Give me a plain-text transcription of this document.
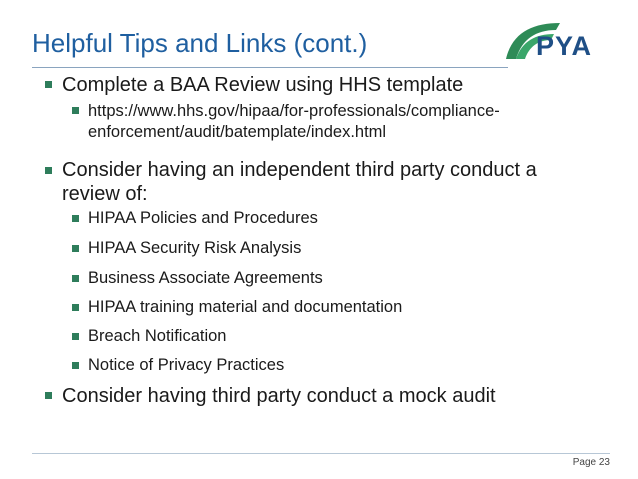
Helpful Tips and Links (cont.)	PYA

Complete a BAA Review using HHS template

https://www.hhs.gov/hipaa/for-professionals/compliance-enforcement/audit/batemplate/index.html

Consider having an independent third party conduct a review of:

HIPAA Policies and Procedures

HIPAA Security Risk Analysis

Business Associate Agreements

HIPAA training material and documentation

Breach Notification

Notice of Privacy Practices

Consider having third party conduct a mock audit

Page 23
